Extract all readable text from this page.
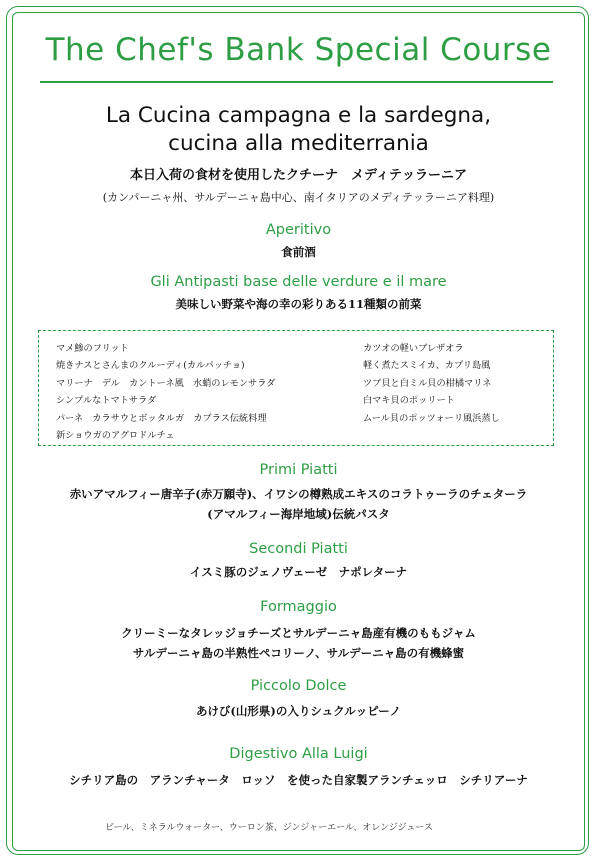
The Chef's Bank Special Course
La Cucina campagna e la sardegna,
cucina alla mediterrania
本日入荷の食材を使用したクチーナ　メディテッラーニア
(カンパーニャ州、サルデーニャ島中心、南イタリアのメディテッラーニア料理)
Aperitivo
食前酒
Gli Antipasti base delle verdure e il mare
美味しい野菜や海の幸の彩りある11種類の前菜
マメ鯵のフリット
焼きナスとさんまのクルーディ(カルパッチョ)
マリーナ　デル　カントーネ風　水蛸のレモンサラダ
シンプルなトマトサラダ
パーネ　カラサウとボッタルガ　カブラス伝統料理
新ショウガのアグロドルチェ
カツオの軽いブレザオラ
軽く煮たスミイカ、カプリ島風
ツブ貝と白ミル貝の柑橘マリネ
白マキ貝のポッリート
ムール貝のポッツォーリ風浜蒸し
Primi Piatti
赤いアマルフィー唐辛子(赤万願寺)、イワシの樽熟成エキスのコラトゥーラのチェターラ
(アマルフィー海岸地域)伝統パスタ
Secondi Piatti
イスミ豚のジェノヴェーゼ　ナポレターナ
Formaggio
クリーミーなタレッジョチーズとサルデーニャ島産有機のももジャム
サルデーニャ島の半熟性ペコリーノ、サルデーニャ島の有機蜂蜜
Piccolo Dolce
あけび(山形県)の入りシュクルッピーノ
Digestivo Alla Luigi
シチリア島の　アランチャータ　ロッソ　を使った自家製アランチェッロ　シチリアーナ
ビール、ミネラルウォーター、ウーロン茶、ジンジャーエール、オレンジジュース
